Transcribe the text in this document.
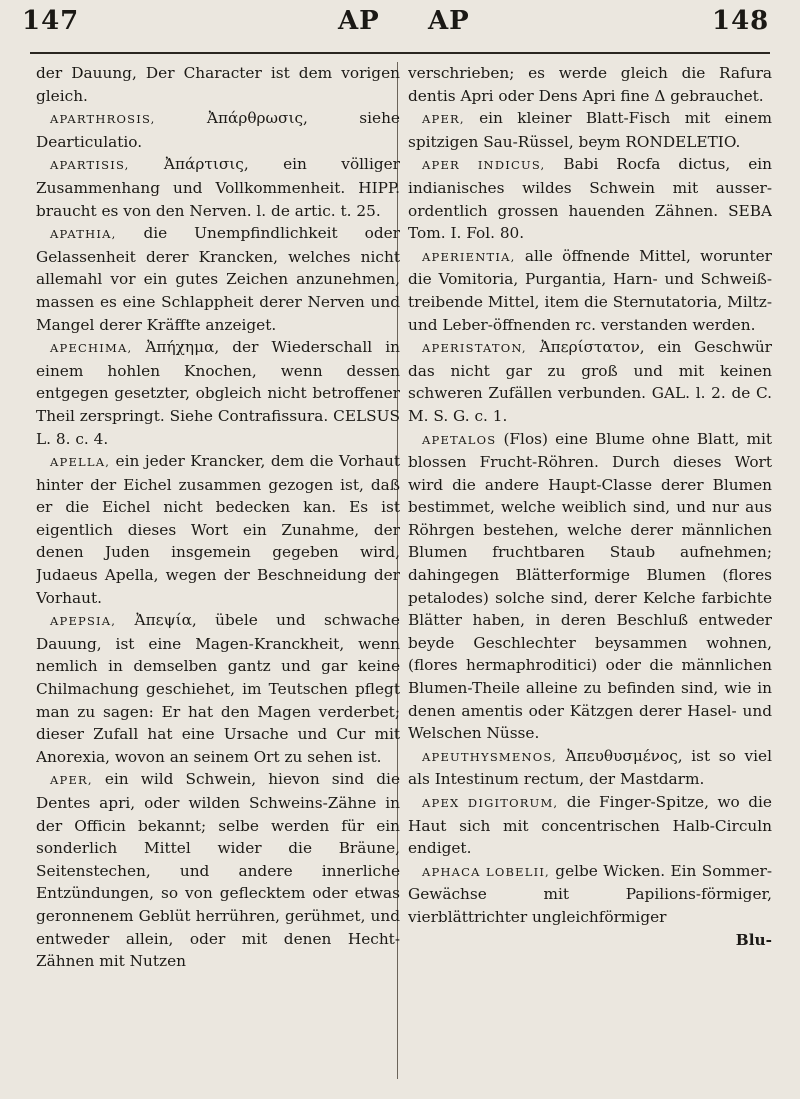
147	AP AP	148

der Dauung, Der Character ist dem vorigen gleich.

APARTHROSIS, Ἀπάρθρωσις, siehe Dearticulatio.

APARTISIS, Ἀπάρτισις, ein völliger Zusammenhang und Vollkommenheit. HIPP. braucht es von den Nerven. l. de artic. t. 25.

APATHIA, die Unempfindlichkeit oder Gelassenheit derer Krancken, welches nicht allemahl vor ein gutes Zeichen anzunehmen, massen es eine Schlappheit derer Nerven und Mangel derer Kräffte anzeiget.

APECHIMA, Ἀπήχημα, der Wiederschall in einem hohlen Knochen, wenn dessen entgegen gesetzter, obgleich nicht betroffener Theil zerspringt. Siehe Contrafissura. CELSUS L. 8. c. 4.

APELLA, ein jeder Krancker, dem die Vorhaut hinter der Eichel zusammen gezogen ist, daß er die Eichel nicht bedecken kan. Es ist eigentlich dieses Wort ein Zunahme, der denen Juden insgemein gegeben wird, Judaeus Apella, wegen der Beschneidung der Vorhaut.

APEPSIA, Ἀπεψία, übele und schwache Dauung, ist eine Magen-Kranckheit, wenn nemlich in demselben gantz und gar keine Chilmachung geschiehet, im Teutschen pflegt man zu sagen: Er hat den Magen verderbet; dieser Zufall hat eine Ursache und Cur mit Anorexia, wovon an seinem Ort zu sehen ist.

APER, ein wild Schwein, hievon sind die Dentes apri, oder wilden Schweins-Zähne in der Officin bekannt; selbe werden für ein sonderlich Mittel wider die Bräune, Seitenstechen, und andere innerliche Entzündungen, so von geflecktem oder etwas geronnenem Geblüt herrühren, gerühmet, und entweder allein, oder mit denen Hecht-Zähnen mit Nutzen

verschrieben; es werde gleich die Rafura dentis Apri oder Dens Apri fine Δ gebrauchet.

APER, ein kleiner Blatt-Fisch mit einem spitzigen Sau-Rüssel, beym RONDELETIO.

APER INDICUS, Babi Rocfa dictus, ein indianisches wildes Schwein mit ausser-ordentlich grossen hauenden Zähnen. SEBA Tom. I. Fol. 80.

APERIENTIA, alle öffnende Mittel, worunter die Vomitoria, Purgantia, Harn- und Schweiß-treibende Mittel, item die Sternutatoria, Miltz- und Leber-öffnenden rc. verstanden werden.

APERISTATON, Ἀπερίστατον, ein Geschwür das nicht gar zu groß und mit keinen schweren Zufällen verbunden. GAL. l. 2. de C. M. S. G. c. 1.

APETALOS (Flos) eine Blume ohne Blatt, mit blossen Frucht-Röhren. Durch dieses Wort wird die andere Haupt-Classe derer Blumen bestimmet, welche weiblich sind, und nur aus Röhrgen bestehen, welche derer männlichen Blumen fruchtbaren Staub aufnehmen; dahingegen Blätterformige Blumen (flores petalodes) solche sind, derer Kelche farbichte Blätter haben, in deren Beschluß entweder beyde Geschlechter beysammen wohnen, (flores hermaphroditici) oder die männlichen Blumen-Theile alleine zu befinden sind, wie in denen amentis oder Kätzgen derer Hasel- und Welschen Nüsse.

APEUTHYSMENOS, Ἀπευθυσμένος, ist so viel als Intestinum rectum, der Mastdarm.

APEX DIGITORUM, die Finger-Spitze, wo die Haut sich mit concentrischen Halb-Circuln endiget.

APHACA LOBELII, gelbe Wicken. Ein Sommer-Gewächse mit Papilions-förmiger, vierblättrichter ungleichförmiger

Blu-
